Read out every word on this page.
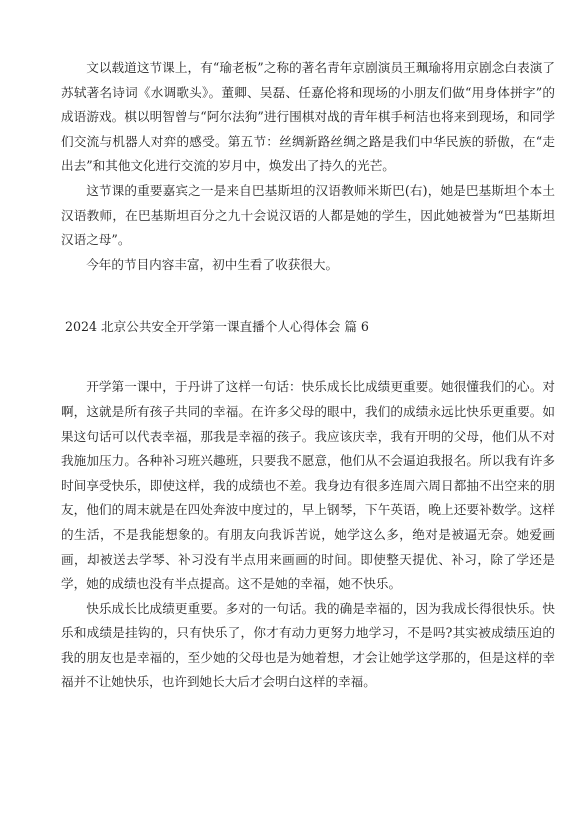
文以载道这节课上，有“瑜老板”之称的著名青年京剧演员王珮瑜将用京剧念白表演了苏轼著名诗词《水调歌头》。董卿、吴磊、任嘉伦将和现场的小朋友们做“用身体拼字”的成语游戏。棋以明智曾与“阿尔法狗”进行围棋对战的青年棋手柯洁也将来到现场，和同学们交流与机器人对弈的感受。第五节：丝绸新路丝绸之路是我们中华民族的骄傲，在“走出去”和其他文化进行交流的岁月中，焕发出了持久的光芒。

这节课的重要嘉宾之一是来自巴基斯坦的汉语教师米斯巴(右)，她是巴基斯坦个本土汉语教师，在巴基斯坦百分之九十会说汉语的人都是她的学生，因此她被誉为“巴基斯坦汉语之母”。

今年的节目内容丰富，初中生看了收获很大。

2024 北京公共安全开学第一课直播个人心得体会 篇 6

开学第一课中，于丹讲了这样一句话：快乐成长比成绩更重要。她很懂我们的心。对啊，这就是所有孩子共同的幸福。在许多父母的眼中，我们的成绩永远比快乐更重要。如果这句话可以代表幸福，那我是幸福的孩子。我应该庆幸，我有开明的父母，他们从不对我施加压力。各种补习班兴趣班，只要我不愿意，他们从不会逼迫我报名。所以我有许多时间享受快乐，即使这样，我的成绩也不差。我身边有很多连周六周日都抽不出空来的朋友，他们的周末就是在四处奔波中度过的，早上钢琴，下午英语，晚上还要补数学。这样的生活，不是我能想象的。有朋友向我诉苦说，她学这么多，绝对是被逼无奈。她爱画画，却被送去学琴、补习没有半点用来画画的时间。即使整天提优、补习，除了学还是学，她的成绩也没有半点提高。这不是她的幸福，她不快乐。

快乐成长比成绩更重要。多对的一句话。我的确是幸福的，因为我成长得很快乐。快乐和成绩是挂钩的，只有快乐了，你才有动力更努力地学习，不是吗?其实被成绩压迫的我的朋友也是幸福的，至少她的父母也是为她着想，才会让她学这学那的，但是这样的幸福并不让她快乐，也许到她长大后才会明白这样的幸福。
